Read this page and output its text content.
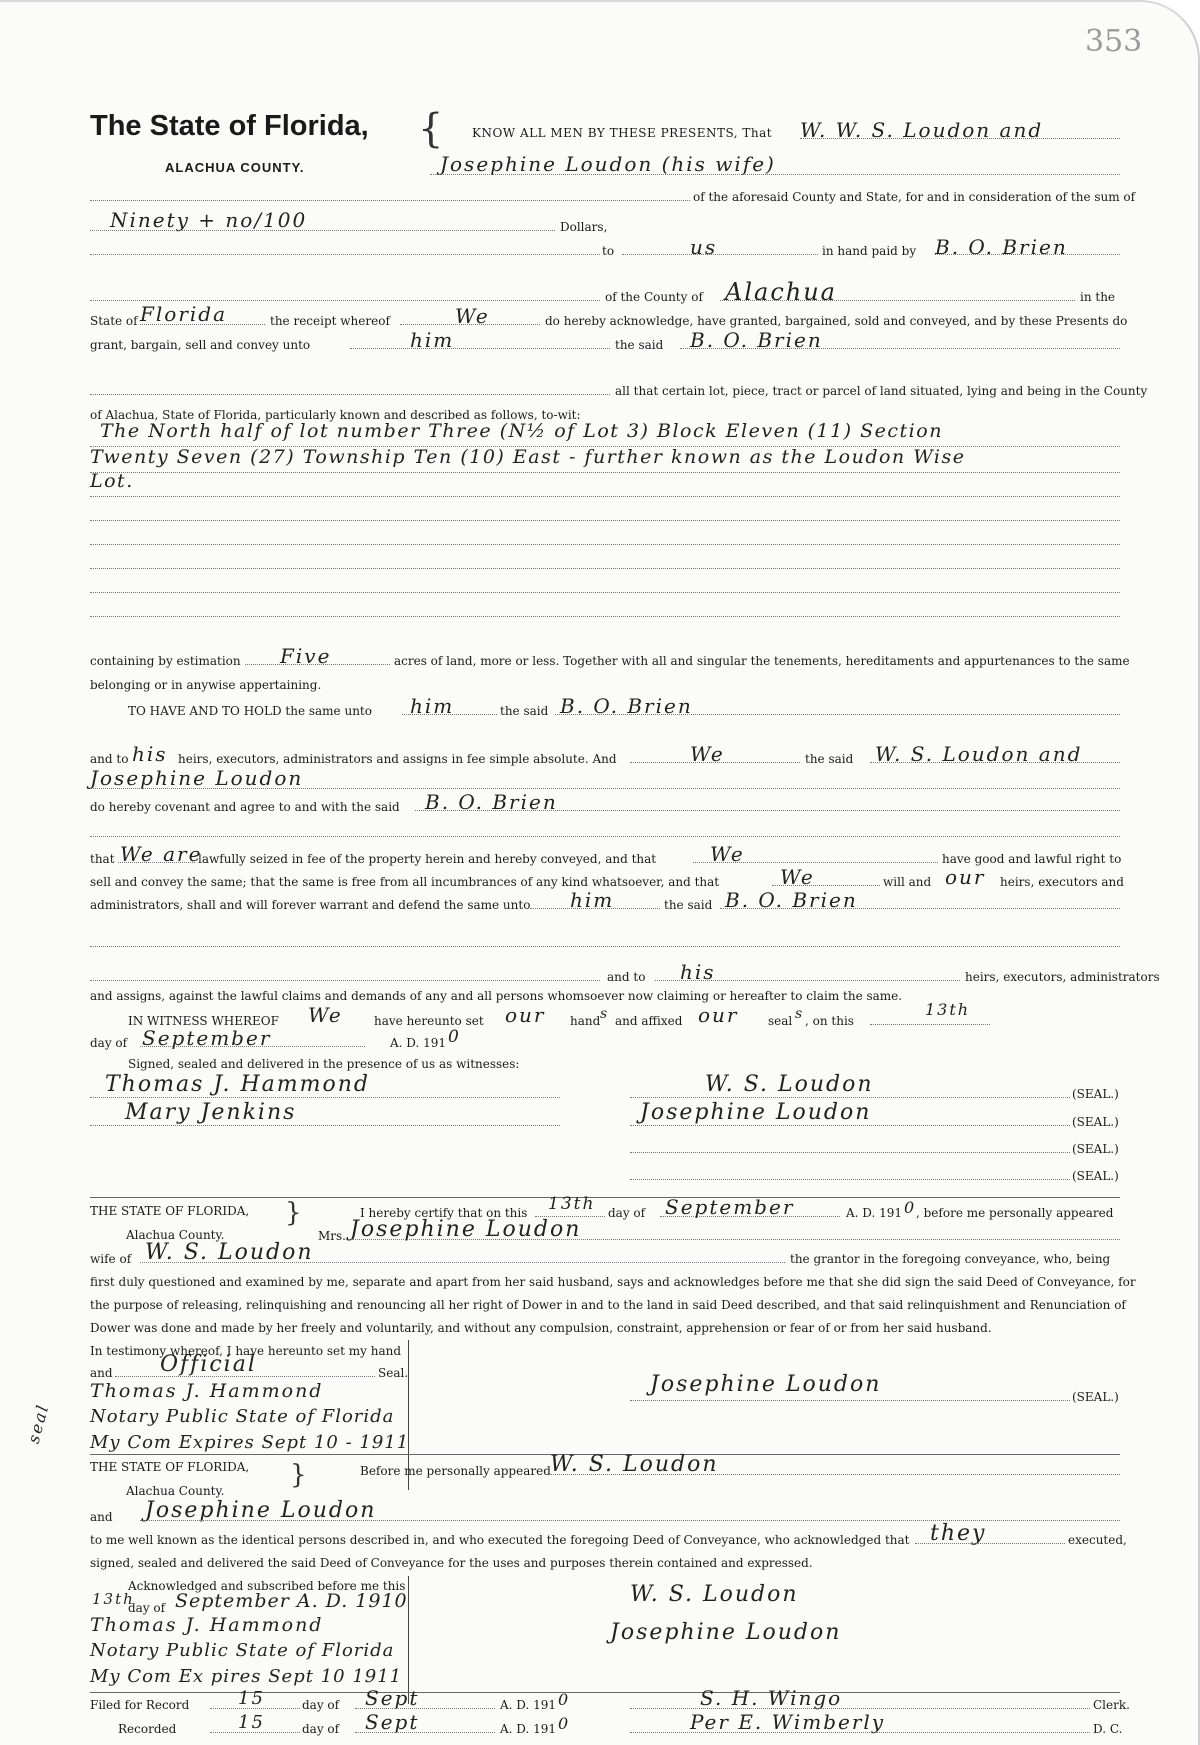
353
The State of Florida,
ALACHUA COUNTY.
{ KNOW ALL MEN BY THESE PRESENTS, That W. W. S. Loudon and
Josephine Loudon (his wife)
of the aforesaid County and State, for and in consideration of the sum of
Ninety + no/100	Dollars,
to	us	in hand paid by B. O. Brien
of the County of Alachua	in the
State of Florida	the receipt whereof	We	do hereby acknowledge, have granted, bargained, sold and conveyed, and by these Presents do
grant, bargain, sell and convey unto	him	the said B. O. Brien
all that certain lot, piece, tract or parcel of land situated, lying and being in the County
of Alachua, State of Florida, particularly known and described as follows, to-wit:
The North half of lot number Three (N½ of Lot 3) Block Eleven (11) Section
Twenty Seven (27) Township Ten (10) East - further known as the Loudon Wise
Lot.
containing by estimation Five	acres of land, more or less. Together with all and singular the tenements, hereditaments and appurtenances to the same
belonging or in anywise appertaining.
TO HAVE AND TO HOLD the same unto him	the said B. O. Brien
and to his heirs, executors, administrators and assigns in fee simple absolute. And	We	the said W. S. Loudon and
Josephine Loudon
do hereby covenant and agree to and with the said B. O. Brien
that We are
lawfully seized in fee of the property herein and hereby conveyed, and that	We	have good and lawful right to
sell and convey the same; that the same is free from all incumbrances of any kind whatsoever, and that	We	will and our heirs, executors and
administrators, shall and will forever warrant and defend the same unto him	the said B. O. Brien
and to his	heirs, executors, administrators
and assigns, against the lawful claims and demands of any and all persons whomsoever now claiming or hereafter to claim the same.
IN WITNESS WHEREOF We	have hereunto set our hand s and affixed our seal s , on this
13th
day of September	A. D. 191 0
Signed, sealed and delivered in the presence of us as witnesses:
Thomas J. Hammond
Mary Jenkins
W. S. Loudon	(SEAL.)
Josephine Loudon	(SEAL.)
(SEAL.)
(SEAL.)
THE STATE OF FLORIDA, }
Alachua County.
I hereby certify that on this 13th day of September	A. D. 191 0 , before me personally appeared
Mrs. Josephine Loudon
wife of W. S. Loudon	the grantor in the foregoing conveyance, who, being
first duly questioned and examined by me, separate and apart from her said husband, says and acknowledges before me that she did sign the said Deed of Conveyance, for
the purpose of releasing, relinquishing and renouncing all her right of Dower in and to the land in said Deed described, and that said relinquishment and Renunciation of
Dower was done and made by her freely and voluntarily, and without any compulsion, constraint, apprehension or fear of or from her said husband.
In testimony whereof, I have hereunto set my hand
and Official	Seal.
Thomas J. Hammond
Notary Public State of Florida
My Com Expires Sept 10 - 1911
seal
Josephine Loudon	(SEAL.)
THE STATE OF FLORIDA, }
Alachua County.
Before me personally appeared W. S. Loudon
and Josephine Loudon
to me well known as the identical persons described in, and who executed the foregoing Deed of Conveyance, who acknowledged that they	executed,
signed, sealed and delivered the said Deed of Conveyance for the uses and purposes therein contained and expressed.
Acknowledged and subscribed before me this
13th
day of September A. D. 1910
Thomas J. Hammond
Notary Public State of Florida
My Com Ex pires Sept 10 1911
W. S. Loudon
Josephine Loudon
Filed for Record	15	day of Sept	A. D. 191 0	S. H. Wingo	Clerk.
Recorded	15	day of Sept	A. D. 191 0	Per E. Wimberly	D. C.
